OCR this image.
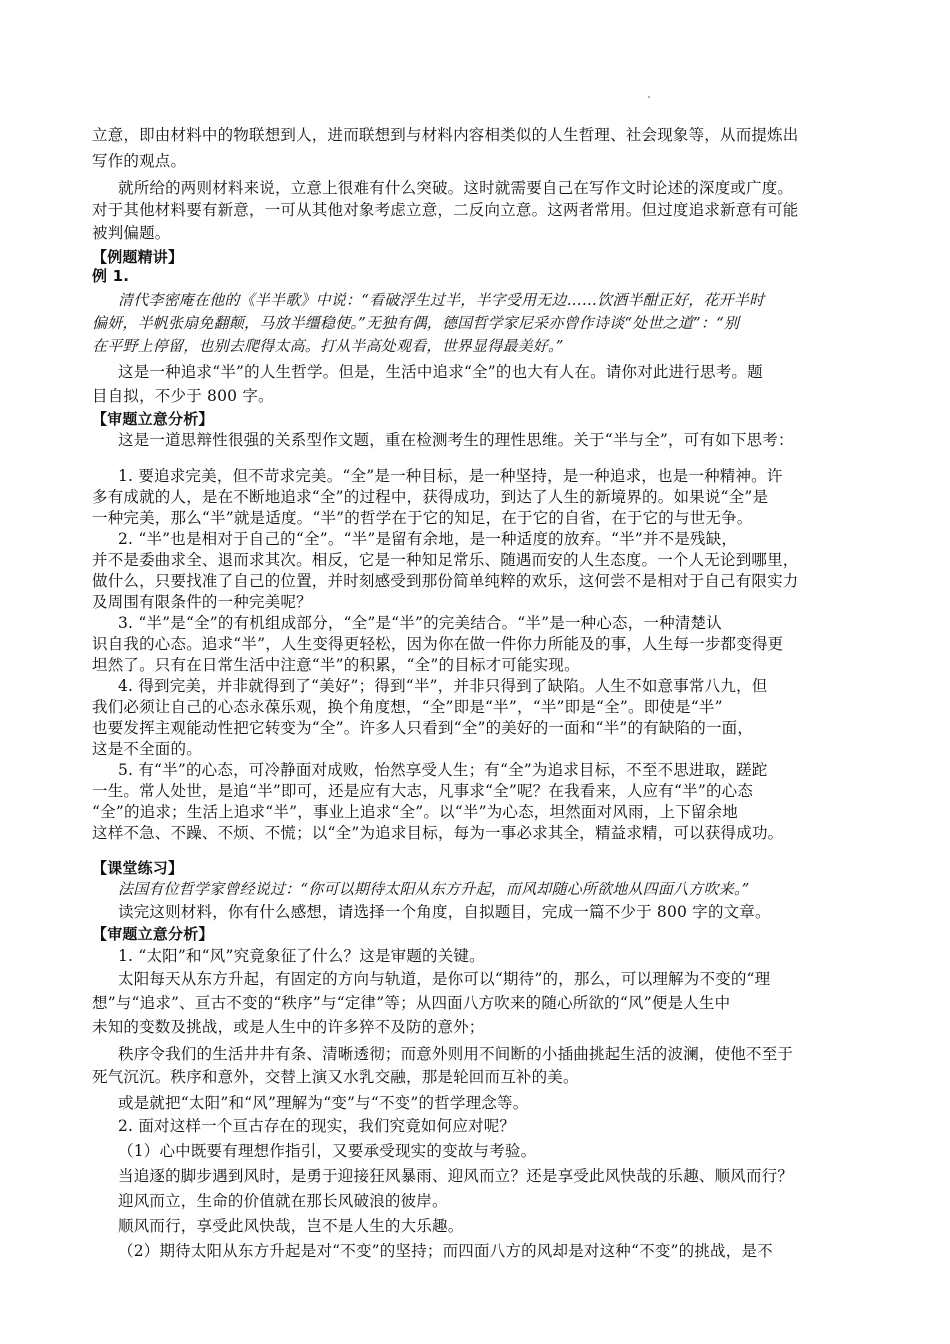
立意，即由材料中的物联想到人，进而联想到与材料内容相类似的人生哲理、社会现象等，从而提炼出
写作的观点。
就所给的两则材料来说，立意上很难有什么突破。这时就需要自己在写作文时论述的深度或广度。
对于其他材料要有新意，一可从其他对象考虑立意，二反向立意。这两者常用。但过度追求新意有可能
被判偏题。
【例题精讲】
例 1.
清代李密庵在他的《半半歌》中说：“看破浮生过半，半字受用无边……饮酒半酣正好，花开半时
偏妍，半帆张扇免翻颠，马放半缰稳使。”无独有偶，德国哲学家尼采亦曾作诗谈“处世之道”：“别
在平野上停留，也别去爬得太高。打从半高处观看，世界显得最美好。”
这是一种追求“半”的人生哲学。但是，生活中追求“全”的也大有人在。请你对此进行思考。题
目自拟，不少于 800 字。
【审题立意分析】
这是一道思辩性很强的关系型作文题，重在检测考生的理性思维。关于“半与全”，可有如下思考：
1. 要追求完美，但不苛求完美。“全”是一种目标，是一种坚持，是一种追求，也是一种精神。许
多有成就的人，是在不断地追求“全”的过程中，获得成功，到达了人生的新境界的。如果说“全”是
一种完美，那么“半”就是适度。“半”的哲学在于它的知足，在于它的自省，在于它的与世无争。
2. “半”也是相对于自己的“全”。“半”是留有余地，是一种适度的放弃。“半”并不是残缺，
并不是委曲求全、退而求其次。相反，它是一种知足常乐、随遇而安的人生态度。一个人无论到哪里，
做什么，只要找准了自己的位置，并时刻感受到那份简单纯粹的欢乐，这何尝不是相对于自己有限实力
及周围有限条件的一种完美呢？
3. “半”是“全”的有机组成部分，“全”是“半”的完美结合。“半”是一种心态，一种清楚认
识自我的心态。追求“半”，人生变得更轻松，因为你在做一件你力所能及的事，人生每一步都变得更
坦然了。只有在日常生活中注意“半”的积累，“全”的目标才可能实现。
4. 得到完美，并非就得到了“美好”；得到“半”，并非只得到了缺陷。人生不如意事常八九，但
我们必须让自己的心态永葆乐观，换个角度想，“全”即是“半”，“半”即是“全”。即使是“半”
也要发挥主观能动性把它转变为“全”。许多人只看到“全”的美好的一面和“半”的有缺陷的一面，
这是不全面的。
5. 有“半”的心态，可冷静面对成败，怡然享受人生；有“全”为追求目标，不至不思进取，蹉跎
一生。常人处世，是追“半”即可，还是应有大志，凡事求“全”呢？在我看来，人应有“半”的心态
“全”的追求；生活上追求“半”，事业上追求“全”。以“半”为心态，坦然面对风雨，上下留余地
这样不急、不躁、不烦、不慌；以“全”为追求目标，每为一事必求其全，精益求精，可以获得成功。
【课堂练习】
法国有位哲学家曾经说过：“你可以期待太阳从东方升起，而风却随心所欲地从四面八方吹来。”
读完这则材料，你有什么感想，请选择一个角度，自拟题目，完成一篇不少于 800 字的文章。
【审题立意分析】
1. “太阳”和“风”究竟象征了什么？这是审题的关键。
太阳每天从东方升起，有固定的方向与轨道，是你可以“期待”的，那么，可以理解为不变的“理
想”与“追求”、亘古不变的“秩序”与“定律”等；从四面八方吹来的随心所欲的“风”便是人生中
未知的变数及挑战，或是人生中的许多猝不及防的意外；
秩序令我们的生活井井有条、清晰透彻；而意外则用不间断的小插曲挑起生活的波澜，使他不至于
死气沉沉。秩序和意外，交替上演又水乳交融，那是轮回而互补的美。
或是就把“太阳”和“风”理解为“变”与“不变”的哲学理念等。
2. 面对这样一个亘古存在的现实，我们究竟如何应对呢？
（1）心中既要有理想作指引，又要承受现实的变故与考验。
当追逐的脚步遇到风时，是勇于迎接狂风暴雨、迎风而立？还是享受此风快哉的乐趣、顺风而行？
迎风而立，生命的价值就在那长风破浪的彼岸。
顺风而行，享受此风快哉，岂不是人生的大乐趣。
（2）期待太阳从东方升起是对“不变”的坚持；而四面八方的风却是对这种“不变”的挑战，是不
